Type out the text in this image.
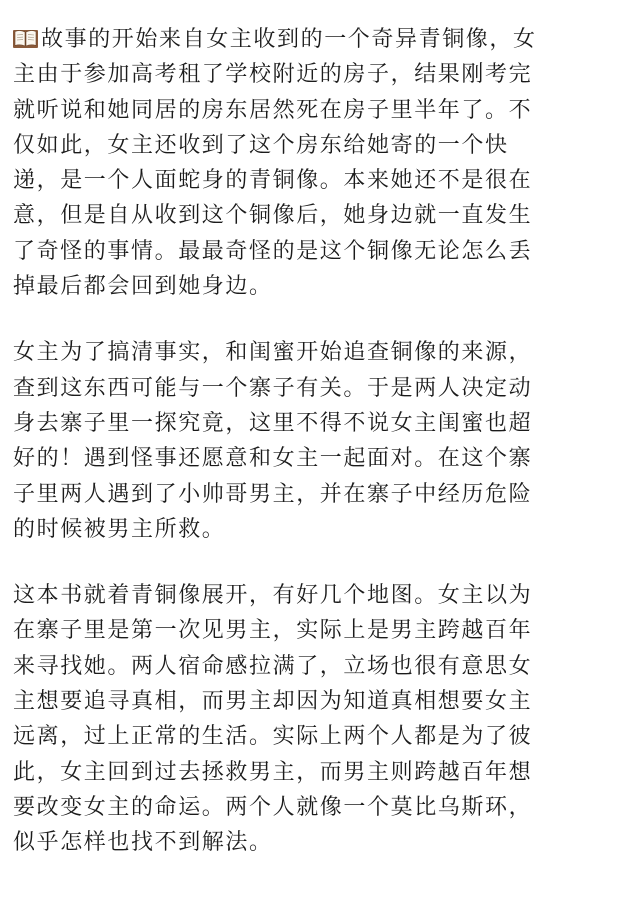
故事的开始来自女主收到的一个奇异青铜像，女
主由于参加高考租了学校附近的房子，结果刚考完
就听说和她同居的房东居然死在房子里半年了。不
仅如此，女主还收到了这个房东给她寄的一个快
递，是一个人面蛇身的青铜像。本来她还不是很在
意，但是自从收到这个铜像后，她身边就一直发生
了奇怪的事情。最最奇怪的是这个铜像无论怎么丢
掉最后都会回到她身边。

女主为了搞清事实，和闺蜜开始追查铜像的来源，
查到这东西可能与一个寨子有关。于是两人决定动
身去寨子里一探究竟，这里不得不说女主闺蜜也超
好的！遇到怪事还愿意和女主一起面对。在这个寨
子里两人遇到了小帅哥男主，并在寨子中经历危险
的时候被男主所救。

这本书就着青铜像展开，有好几个地图。女主以为
在寨子里是第一次见男主，实际上是男主跨越百年
来寻找她。两人宿命感拉满了，立场也很有意思女
主想要追寻真相，而男主却因为知道真相想要女主
远离，过上正常的生活。实际上两个人都是为了彼
此，女主回到过去拯救男主，而男主则跨越百年想
要改变女主的命运。两个人就像一个莫比乌斯环，
似乎怎样也找不到解法。
